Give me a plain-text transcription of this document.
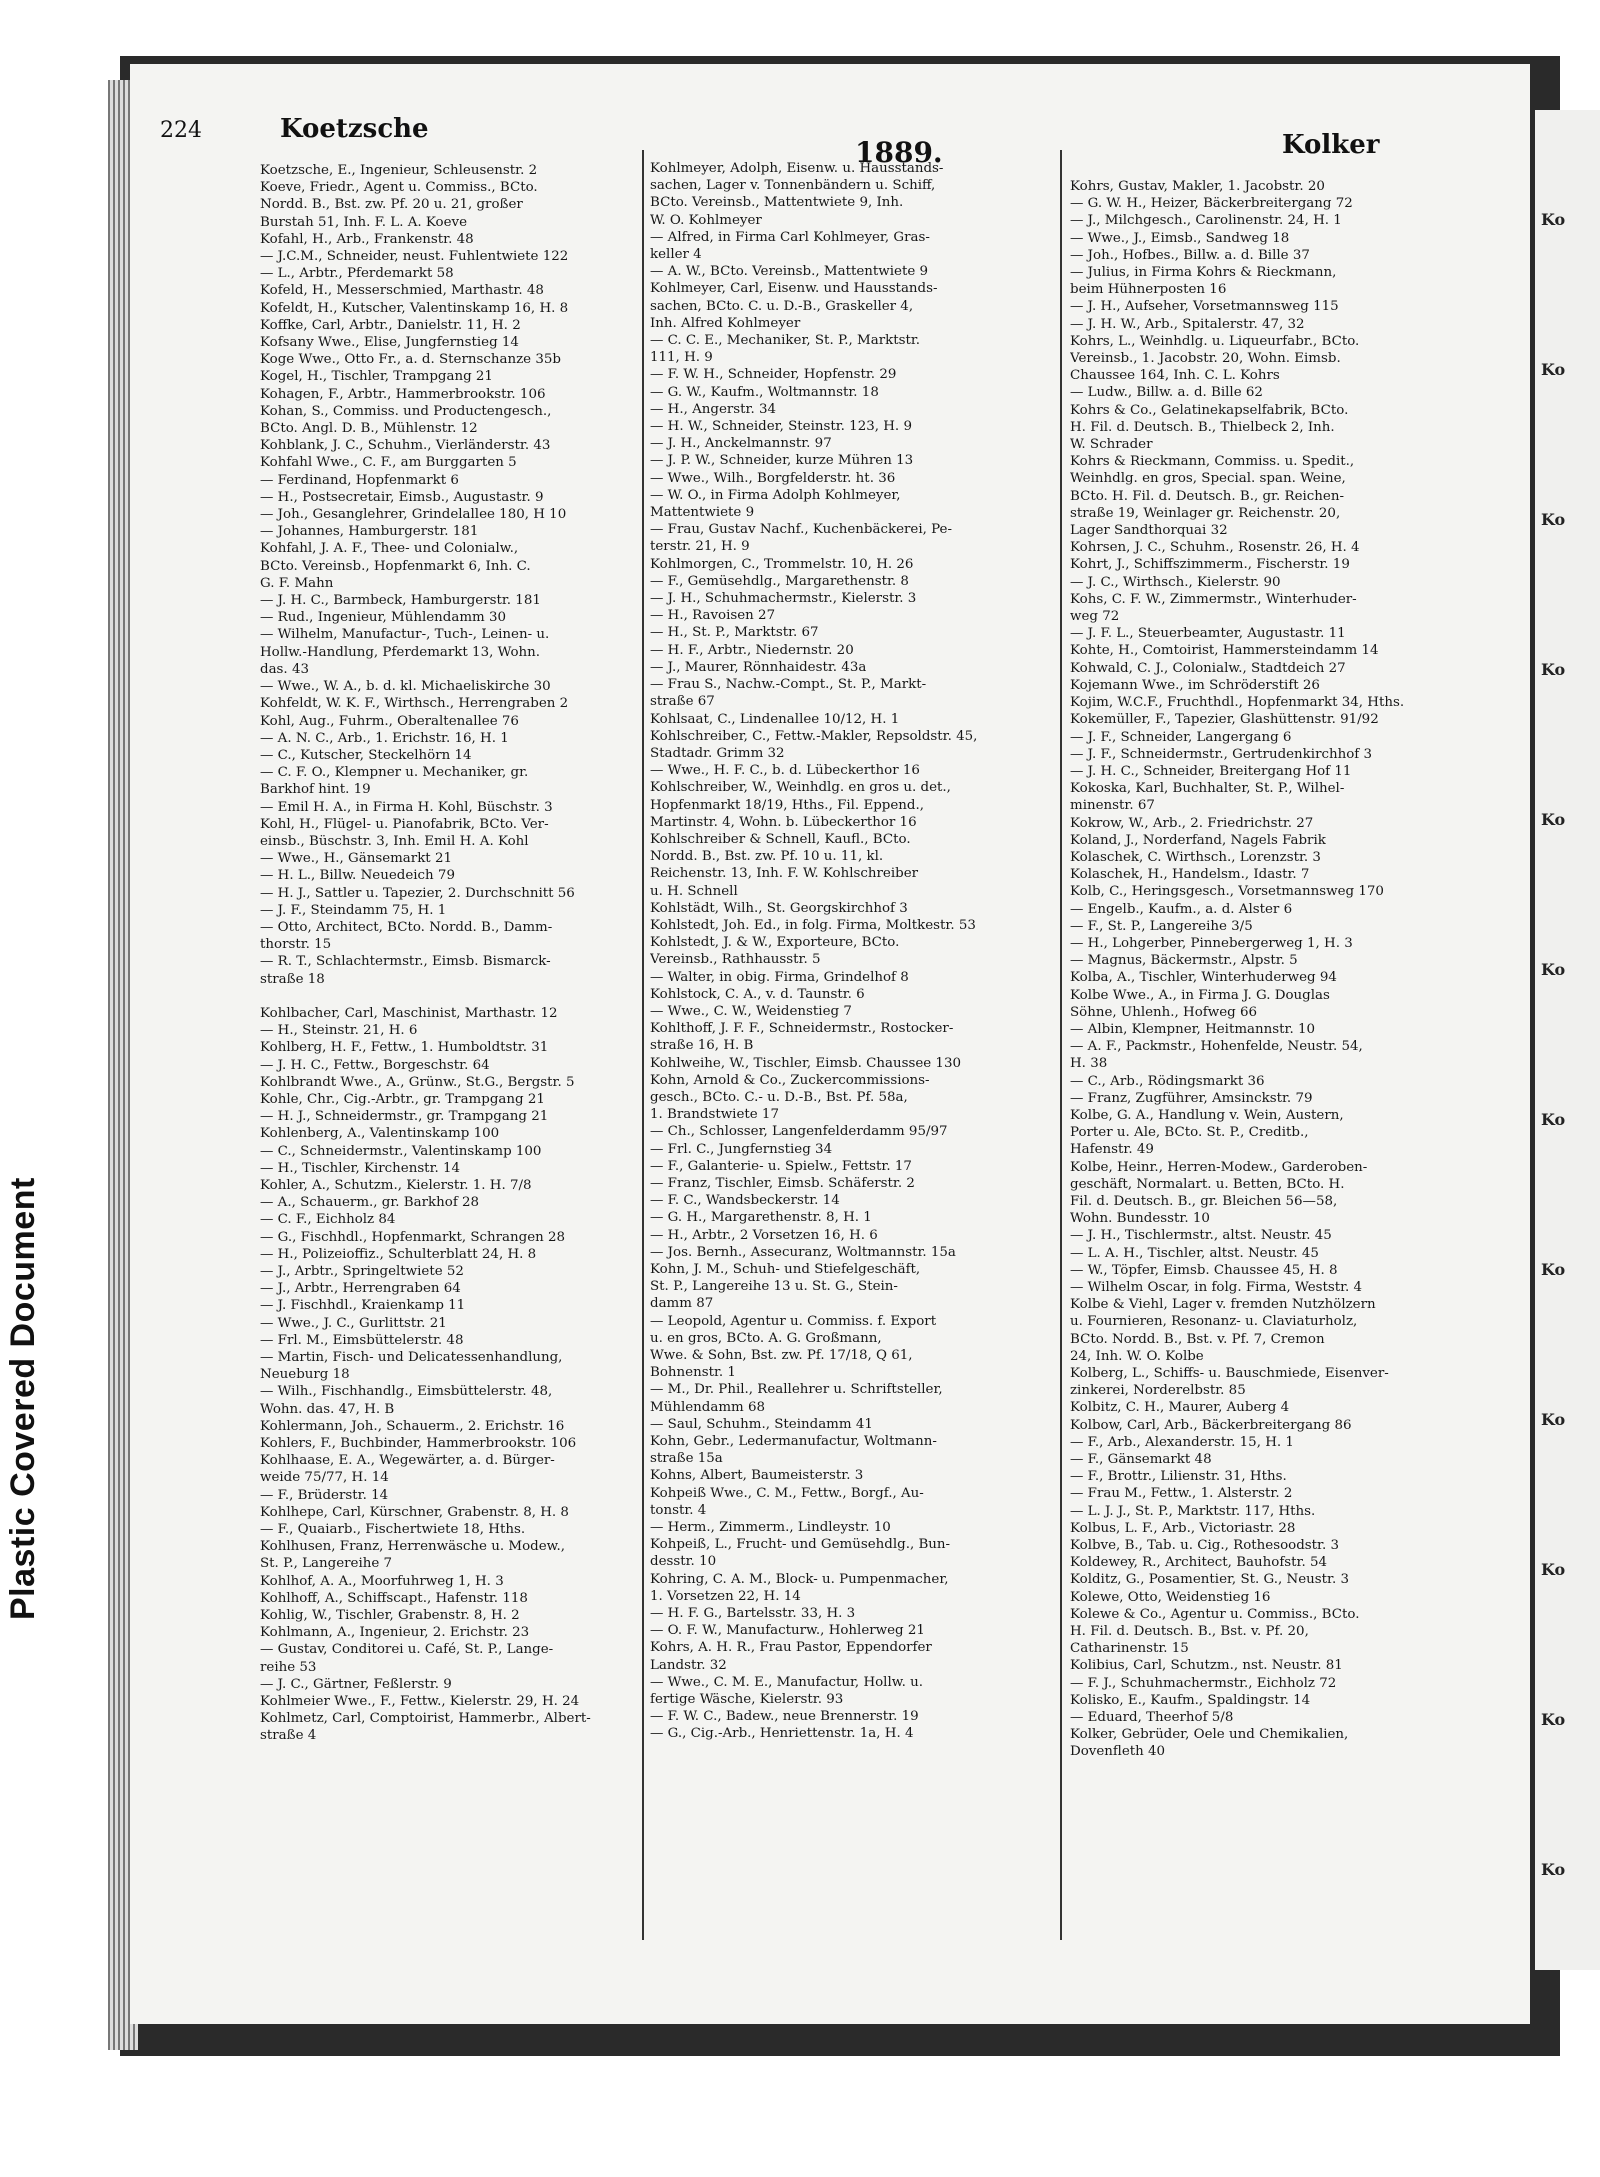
Ko
Ko
Ko
Ko
Ko
Ko
Ko
Ko
Ko
Ko
Ko
Ko
Plastic Covered Document
224	Koetzsche
1889.	Kolker
Koetzsche, E., Ingenieur, Schleusenstr. 2
Koeve, Friedr., Agent u. Commiss., BCto.
Nordd. B., Bst. zw. Pf. 20 u. 21, großer
Burstah 51, Inh. F. L. A. Koeve
Kofahl, H., Arb., Frankenstr. 48
— J.C.M., Schneider, neust. Fuhlentwiete 122
— L., Arbtr., Pferdemarkt 58
Kofeld, H., Messerschmied, Marthastr. 48
Kofeldt, H., Kutscher, Valentinskamp 16, H. 8
Koffke, Carl, Arbtr., Danielstr. 11, H. 2
Kofsany Wwe., Elise, Jungfernstieg 14
Koge Wwe., Otto Fr., a. d. Sternschanze 35b
Kogel, H., Tischler, Trampgang 21
Kohagen, F., Arbtr., Hammerbrookstr. 106
Kohan, S., Commiss. und Productengesch.,
BCto. Angl. D. B., Mühlenstr. 12
Kohblank, J. C., Schuhm., Vierländerstr. 43
Kohfahl Wwe., C. F., am Burggarten 5
— Ferdinand, Hopfenmarkt 6
— H., Postsecretair, Eimsb., Augustastr. 9
— Joh., Gesanglehrer, Grindelallee 180, H 10
— Johannes, Hamburgerstr. 181
Kohfahl, J. A. F., Thee- und Colonialw.,
BCto. Vereinsb., Hopfenmarkt 6, Inh. C.
G. F. Mahn
— J. H. C., Barmbeck, Hamburgerstr. 181
— Rud., Ingenieur, Mühlendamm 30
— Wilhelm, Manufactur-, Tuch-, Leinen- u.
Hollw.-Handlung, Pferdemarkt 13, Wohn.
das. 43
— Wwe., W. A., b. d. kl. Michaeliskirche 30
Kohfeldt, W. K. F., Wirthsch., Herrengraben 2
Kohl, Aug., Fuhrm., Oberaltenallee 76
— A. N. C., Arb., 1. Erichstr. 16, H. 1
— C., Kutscher, Steckelhörn 14
— C. F. O., Klempner u. Mechaniker, gr.
Barkhof hint. 19
— Emil H. A., in Firma H. Kohl, Büschstr. 3
Kohl, H., Flügel- u. Pianofabrik, BCto. Ver-
einsb., Büschstr. 3, Inh. Emil H. A. Kohl
— Wwe., H., Gänsemarkt 21
— H. L., Billw. Neuedeich 79
— H. J., Sattler u. Tapezier, 2. Durchschnitt 56
— J. F., Steindamm 75, H. 1
— Otto, Architect, BCto. Nordd. B., Damm-
thorstr. 15
— R. T., Schlachtermstr., Eimsb. Bismarck-
straße 18

Kohlbacher, Carl, Maschinist, Marthastr. 12
— H., Steinstr. 21, H. 6
Kohlberg, H. F., Fettw., 1. Humboldtstr. 31
— J. H. C., Fettw., Borgeschstr. 64
Kohlbrandt Wwe., A., Grünw., St.G., Bergstr. 5
Kohle, Chr., Cig.-Arbtr., gr. Trampgang 21
— H. J., Schneidermstr., gr. Trampgang 21
Kohlenberg, A., Valentinskamp 100
— C., Schneidermstr., Valentinskamp 100
— H., Tischler, Kirchenstr. 14
Kohler, A., Schutzm., Kielerstr. 1. H. 7/8
— A., Schauerm., gr. Barkhof 28
— C. F., Eichholz 84
— G., Fischhdl., Hopfenmarkt, Schrangen 28
— H., Polizeioffiz., Schulterblatt 24, H. 8
— J., Arbtr., Springeltwiete 52
— J., Arbtr., Herrengraben 64
— J. Fischhdl., Kraienkamp 11
— Wwe., J. C., Gurlittstr. 21
— Frl. M., Eimsbüttelerstr. 48
— Martin, Fisch- und Delicatessenhandlung,
Neueburg 18
— Wilh., Fischhandlg., Eimsbüttelerstr. 48,
Wohn. das. 47, H. B
Kohlermann, Joh., Schauerm., 2. Erichstr. 16
Kohlers, F., Buchbinder, Hammerbrookstr. 106
Kohlhaase, E. A., Wegewärter, a. d. Bürger-
weide 75/77, H. 14
— F., Brüderstr. 14
Kohlhepe, Carl, Kürschner, Grabenstr. 8, H. 8
— F., Quaiarb., Fischertwiete 18, Hths.
Kohlhusen, Franz, Herrenwäsche u. Modew.,
St. P., Langereihe 7
Kohlhof, A. A., Moorfuhrweg 1, H. 3
Kohlhoff, A., Schiffscapt., Hafenstr. 118
Kohlig, W., Tischler, Grabenstr. 8, H. 2
Kohlmann, A., Ingenieur, 2. Erichstr. 23
— Gustav, Conditorei u. Café, St. P., Lange-
reihe 53
— J. C., Gärtner, Feßlerstr. 9
Kohlmeier Wwe., F., Fettw., Kielerstr. 29, H. 24
Kohlmetz, Carl, Comptoirist, Hammerbr., Albert-
straße 4
Kohlmeyer, Adolph, Eisenw. u. Hausstands-
sachen, Lager v. Tonnenbändern u. Schiff,
BCto. Vereinsb., Mattentwiete 9, Inh.
W. O. Kohlmeyer
— Alfred, in Firma Carl Kohlmeyer, Gras-
keller 4
— A. W., BCto. Vereinsb., Mattentwiete 9
Kohlmeyer, Carl, Eisenw. und Hausstands-
sachen, BCto. C. u. D.-B., Graskeller 4,
Inh. Alfred Kohlmeyer
— C. C. E., Mechaniker, St. P., Marktstr.
111, H. 9
— F. W. H., Schneider, Hopfenstr. 29
— G. W., Kaufm., Woltmannstr. 18
— H., Angerstr. 34
— H. W., Schneider, Steinstr. 123, H. 9
— J. H., Anckelmannstr. 97
— J. P. W., Schneider, kurze Mühren 13
— Wwe., Wilh., Borgfelderstr. ht. 36
— W. O., in Firma Adolph Kohlmeyer,
Mattentwiete 9
— Frau, Gustav Nachf., Kuchenbäckerei, Pe-
terstr. 21, H. 9
Kohlmorgen, C., Trommelstr. 10, H. 26
— F., Gemüsehdlg., Margarethenstr. 8
— J. H., Schuhmachermstr., Kielerstr. 3
— H., Ravoisen 27
— H., St. P., Marktstr. 67
— H. F., Arbtr., Niedernstr. 20
— J., Maurer, Rönnhaidestr. 43a
— Frau S., Nachw.-Compt., St. P., Markt-
straße 67
Kohlsaat, C., Lindenallee 10/12, H. 1
Kohlschreiber, C., Fettw.-Makler, Repsoldstr. 45,
Stadtadr. Grimm 32
— Wwe., H. F. C., b. d. Lübeckerthor 16
Kohlschreiber, W., Weinhdlg. en gros u. det.,
Hopfenmarkt 18/19, Hths., Fil. Eppend.,
Martinstr. 4, Wohn. b. Lübeckerthor 16
Kohlschreiber & Schnell, Kaufl., BCto.
Nordd. B., Bst. zw. Pf. 10 u. 11, kl.
Reichenstr. 13, Inh. F. W. Kohlschreiber
u. H. Schnell
Kohlstädt, Wilh., St. Georgskirchhof 3
Kohlstedt, Joh. Ed., in folg. Firma, Moltkestr. 53
Kohlstedt, J. & W., Exporteure, BCto.
Vereinsb., Rathhausstr. 5
— Walter, in obig. Firma, Grindelhof 8
Kohlstock, C. A., v. d. Taunstr. 6
— Wwe., C. W., Weidenstieg 7
Kohlthoff, J. F. F., Schneidermstr., Rostocker-
straße 16, H. B
Kohlweihe, W., Tischler, Eimsb. Chaussee 130
Kohn, Arnold & Co., Zuckercommissions-
gesch., BCto. C.- u. D.-B., Bst. Pf. 58a,
1. Brandstwiete 17
— Ch., Schlosser, Langenfelderdamm 95/97
— Frl. C., Jungfernstieg 34
— F., Galanterie- u. Spielw., Fettstr. 17
— Franz, Tischler, Eimsb. Schäferstr. 2
— F. C., Wandsbeckerstr. 14
— G. H., Margarethenstr. 8, H. 1
— H., Arbtr., 2 Vorsetzen 16, H. 6
— Jos. Bernh., Assecuranz, Woltmannstr. 15a
Kohn, J. M., Schuh- und Stiefelgeschäft,
St. P., Langereihe 13 u. St. G., Stein-
damm 87
— Leopold, Agentur u. Commiss. f. Export
u. en gros, BCto. A. G. Großmann,
Wwe. & Sohn, Bst. zw. Pf. 17/18, Q 61,
Bohnenstr. 1
— M., Dr. Phil., Reallehrer u. Schriftsteller,
Mühlendamm 68
— Saul, Schuhm., Steindamm 41
Kohn, Gebr., Ledermanufactur, Woltmann-
straße 15a
Kohns, Albert, Baumeisterstr. 3
Kohpeiß Wwe., C. M., Fettw., Borgf., Au-
tonstr. 4
— Herm., Zimmerm., Lindleystr. 10
Kohpeiß, L., Frucht- und Gemüsehdlg., Bun-
desstr. 10
Kohring, C. A. M., Block- u. Pumpenmacher,
1. Vorsetzen 22, H. 14
— H. F. G., Bartelsstr. 33, H. 3
— O. F. W., Manufacturw., Hohlerweg 21
Kohrs, A. H. R., Frau Pastor, Eppendorfer
Landstr. 32
— Wwe., C. M. E., Manufactur, Hollw. u.
fertige Wäsche, Kielerstr. 93
— F. W. C., Badew., neue Brennerstr. 19
— G., Cig.-Arb., Henriettenstr. 1a, H. 4
Kohrs, Gustav, Makler, 1. Jacobstr. 20
— G. W. H., Heizer, Bäckerbreitergang 72
— J., Milchgesch., Carolinenstr. 24, H. 1
— Wwe., J., Eimsb., Sandweg 18
— Joh., Hofbes., Billw. a. d. Bille 37
— Julius, in Firma Kohrs & Rieckmann,
beim Hühnerposten 16
— J. H., Aufseher, Vorsetmannsweg 115
— J. H. W., Arb., Spitalerstr. 47, 32
Kohrs, L., Weinhdlg. u. Liqueurfabr., BCto.
Vereinsb., 1. Jacobstr. 20, Wohn. Eimsb.
Chaussee 164, Inh. C. L. Kohrs
— Ludw., Billw. a. d. Bille 62
Kohrs & Co., Gelatinekapselfabrik, BCto.
H. Fil. d. Deutsch. B., Thielbeck 2, Inh.
W. Schrader
Kohrs & Rieckmann, Commiss. u. Spedit.,
Weinhdlg. en gros, Special. span. Weine,
BCto. H. Fil. d. Deutsch. B., gr. Reichen-
straße 19, Weinlager gr. Reichenstr. 20,
Lager Sandthorquai 32
Kohrsen, J. C., Schuhm., Rosenstr. 26, H. 4
Kohrt, J., Schiffszimmerm., Fischerstr. 19
— J. C., Wirthsch., Kielerstr. 90
Kohs, C. F. W., Zimmermstr., Winterhuder-
weg 72
— J. F. L., Steuerbeamter, Augustastr. 11
Kohte, H., Comtoirist, Hammersteindamm 14
Kohwald, C. J., Colonialw., Stadtdeich 27
Kojemann Wwe., im Schröderstift 26
Kojim, W.C.F., Fruchthdl., Hopfenmarkt 34, Hths.
Kokemüller, F., Tapezier, Glashüttenstr. 91/92
— J. F., Schneider, Langergang 6
— J. F., Schneidermstr., Gertrudenkirchhof 3
— J. H. C., Schneider, Breitergang Hof 11
Kokoska, Karl, Buchhalter, St. P., Wilhel-
minenstr. 67
Kokrow, W., Arb., 2. Friedrichstr. 27
Koland, J., Norderfand, Nagels Fabrik
Kolaschek, C. Wirthsch., Lorenzstr. 3
Kolaschek, H., Handelsm., Idastr. 7
Kolb, C., Heringsgesch., Vorsetmannsweg 170
— Engelb., Kaufm., a. d. Alster 6
— F., St. P., Langereihe 3/5
— H., Lohgerber, Pinnebergerweg 1, H. 3
— Magnus, Bäckermstr., Alpstr. 5
Kolba, A., Tischler, Winterhuderweg 94
Kolbe Wwe., A., in Firma J. G. Douglas
Söhne, Uhlenh., Hofweg 66
— Albin, Klempner, Heitmannstr. 10
— A. F., Packmstr., Hohenfelde, Neustr. 54,
H. 38
— C., Arb., Rödingsmarkt 36
— Franz, Zugführer, Amsinckstr. 79
Kolbe, G. A., Handlung v. Wein, Austern,
Porter u. Ale, BCto. St. P., Creditb.,
Hafenstr. 49
Kolbe, Heinr., Herren-Modew., Garderoben-
geschäft, Normalart. u. Betten, BCto. H.
Fil. d. Deutsch. B., gr. Bleichen 56—58,
Wohn. Bundesstr. 10
— J. H., Tischlermstr., altst. Neustr. 45
— L. A. H., Tischler, altst. Neustr. 45
— W., Töpfer, Eimsb. Chaussee 45, H. 8
— Wilhelm Oscar, in folg. Firma, Weststr. 4
Kolbe & Viehl, Lager v. fremden Nutzhölzern
u. Fournieren, Resonanz- u. Claviaturholz,
BCto. Nordd. B., Bst. v. Pf. 7, Cremon
24, Inh. W. O. Kolbe
Kolberg, L., Schiffs- u. Bauschmiede, Eisenver-
zinkerei, Norderelbstr. 85
Kolbitz, C. H., Maurer, Auberg 4
Kolbow, Carl, Arb., Bäckerbreitergang 86
— F., Arb., Alexanderstr. 15, H. 1
— F., Gänsemarkt 48
— F., Brottr., Lilienstr. 31, Hths.
— Frau M., Fettw., 1. Alsterstr. 2
— L. J. J., St. P., Marktstr. 117, Hths.
Kolbus, L. F., Arb., Victoriastr. 28
Kolbve, B., Tab. u. Cig., Rothesoodstr. 3
Koldewey, R., Architect, Bauhofstr. 54
Kolditz, G., Posamentier, St. G., Neustr. 3
Kolewe, Otto, Weidenstieg 16
Kolewe & Co., Agentur u. Commiss., BCto.
H. Fil. d. Deutsch. B., Bst. v. Pf. 20,
Catharinenstr. 15
Kolibius, Carl, Schutzm., nst. Neustr. 81
— F. J., Schuhmachermstr., Eichholz 72
Kolisko, E., Kaufm., Spaldingstr. 14
— Eduard, Theerhof 5/8
Kolker, Gebrüder, Oele und Chemikalien,
Dovenfleth 40
